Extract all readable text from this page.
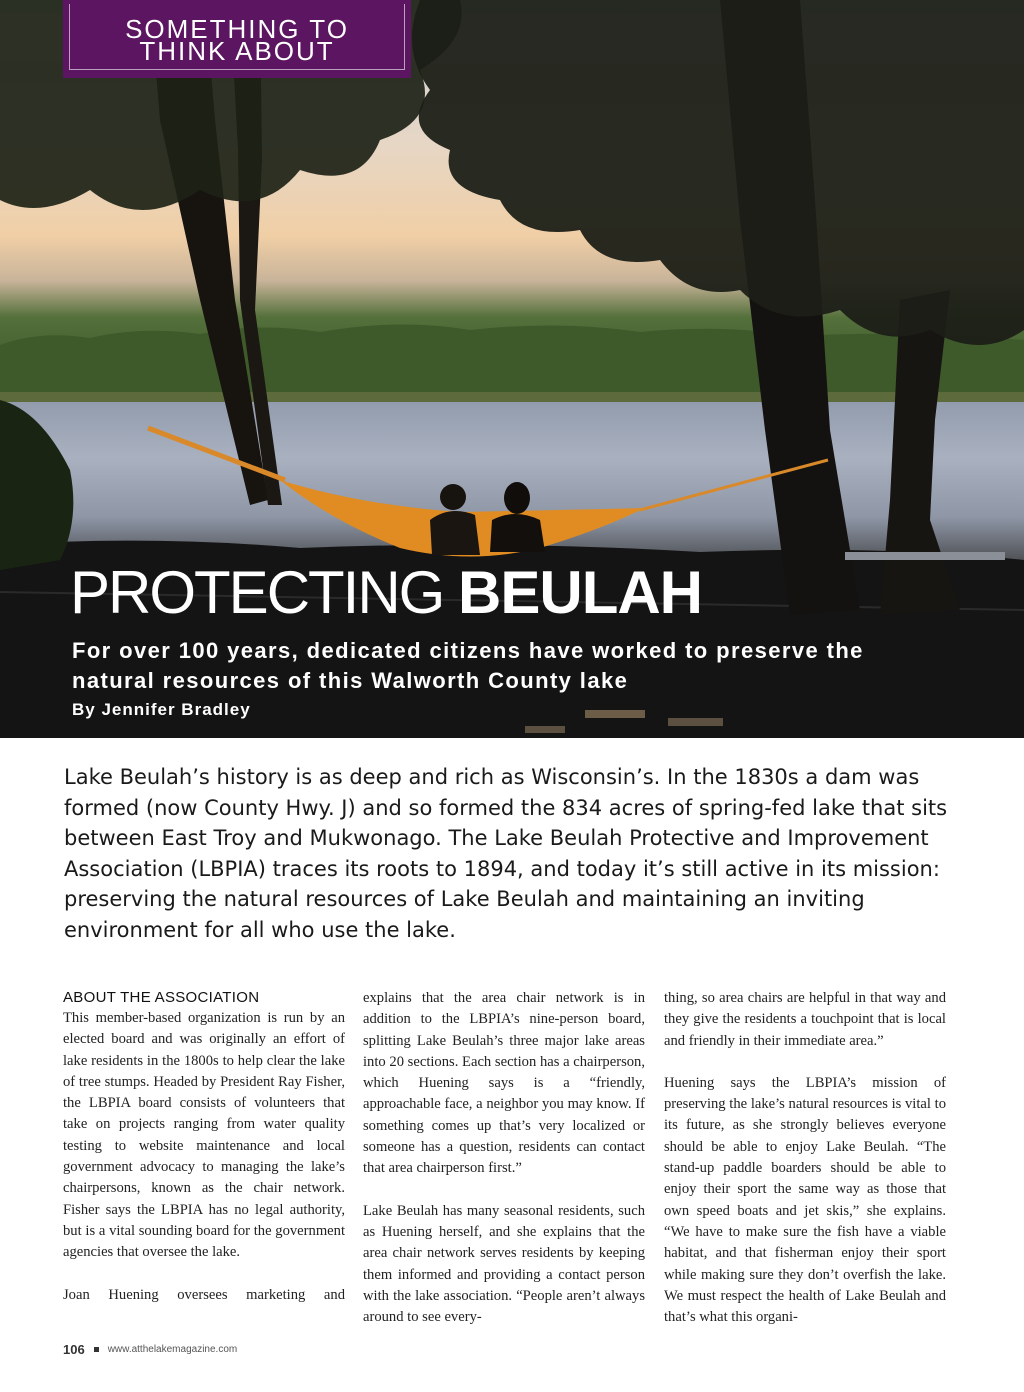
SOMETHING TO
THINK ABOUT
PROTECTING BEULAH

For over 100 years, dedicated citizens have worked to preserve the natural resources of this Walworth County lake

By Jennifer Bradley

Lake Beulah’s history is as deep and rich as Wisconsin’s. In the 1830s a dam was formed (now County Hwy. J) and so formed the 834 acres of spring-fed lake that sits between East Troy and Mukwonago. The Lake Beulah Protective and Improvement Association (LBPIA) traces its roots to 1894, and today it’s still active in its mission: preserving the natural resources of Lake Beulah and maintaining an inviting environment for all who use the lake.

ABOUT THE ASSOCIATION

This member-based organization is run by an elected board and was originally an effort of lake residents in the 1800s to help clear the lake of tree stumps. Headed by President Ray Fisher, the LBPIA board consists of volunteers that take on projects ranging from water quality testing to website maintenance and local government advocacy to managing the lake’s chairpersons, known as the chair network. Fisher says the LBPIA has no legal authority, but is a vital sounding board for the government agencies that oversee the lake.

Joan Huening oversees marketing and

explains that the area chair network is in addition to the LBPIA’s nine-person board, splitting Lake Beulah’s three major lake areas into 20 sections. Each section has a chairperson, which Huening says is a “friendly, approachable face, a neighbor you may know. If something comes up that’s very localized or someone has a question, residents can contact that area chairperson first.”

Lake Beulah has many seasonal residents, such as Huening herself, and she explains that the area chair network serves residents by keeping them informed and providing a contact person with the lake association. “People aren’t always around to see every-

thing, so area chairs are helpful in that way and they give the residents a touchpoint that is local and friendly in their immediate area.”

Huening says the LBPIA’s mission of preserving the lake’s natural resources is vital to its future, as she strongly believes everyone should be able to enjoy Lake Beulah. “The stand-up paddle boarders should be able to enjoy their sport the same way as those that own speed boats and jet skis,” she explains. “We have to make sure the fish have a viable habitat, and that fisherman enjoy their sport while making sure they don’t overfish the lake. We must respect the health of Lake Beulah and that’s what this organi-

106 www.atthelakemagazine.com
